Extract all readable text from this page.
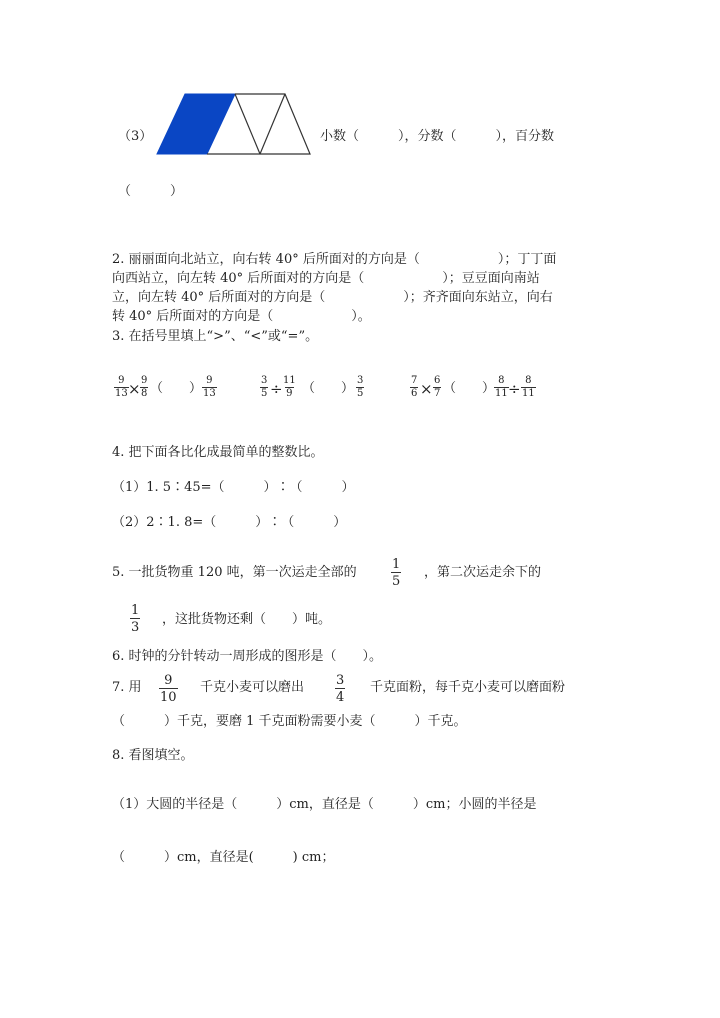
（3）	小数（　　　），分数（　　　），百分数
（　　　）
2. 丽丽面向北站立，向右转 40° 后所面对的方向是（　　　　　　）；丁丁面
向西站立，向左转 40° 后所面对的方向是（　　　　　　）；豆豆面向南站
立，向左转 40° 后所面对的方向是（　　　　　　）；齐齐面向东站立，向右
转 40° 后所面对的方向是（　　　　　　）。
3. 在括号里填上“>”、“<”或“=”。
$\frac{9}{13} \times \frac{9}{8}$ （　　） $\frac{9}{13}$	$\frac{3}{5} \div \frac{11}{9}$ （　　） $\frac{3}{5}$	$\frac{7}{6} \times \frac{6}{7}$ （　　）
$\frac{8}{11} \div \frac{8}{11}$
4. 把下面各比化成最简单的整数比。
（1）1. 5∶45=（　　　）∶（　　　）
（2）2∶1. 8=（　　　）∶（　　　）
5. 一批货物重 120 吨，第一次运走全部的	$\frac{1}{5}$ ，第二次运走余下的
$\frac{1}{3}$ ，这批货物还剩（　　）吨。
6. 时钟的分针转动一周形成的图形是（　　）。
7. 用 $\frac{9}{10}$ 千克小麦可以磨出 $\frac{3}{4}$ 千克面粉，每千克小麦可以磨面粉
（　　　）千克，要磨 1 千克面粉需要小麦（　　　）千克。
8. 看图填空。
（1）大圆的半径是（　　　）cm，直径是（　　　）cm；小圆的半径是
（　　　）cm，直径是(　　　) cm；
